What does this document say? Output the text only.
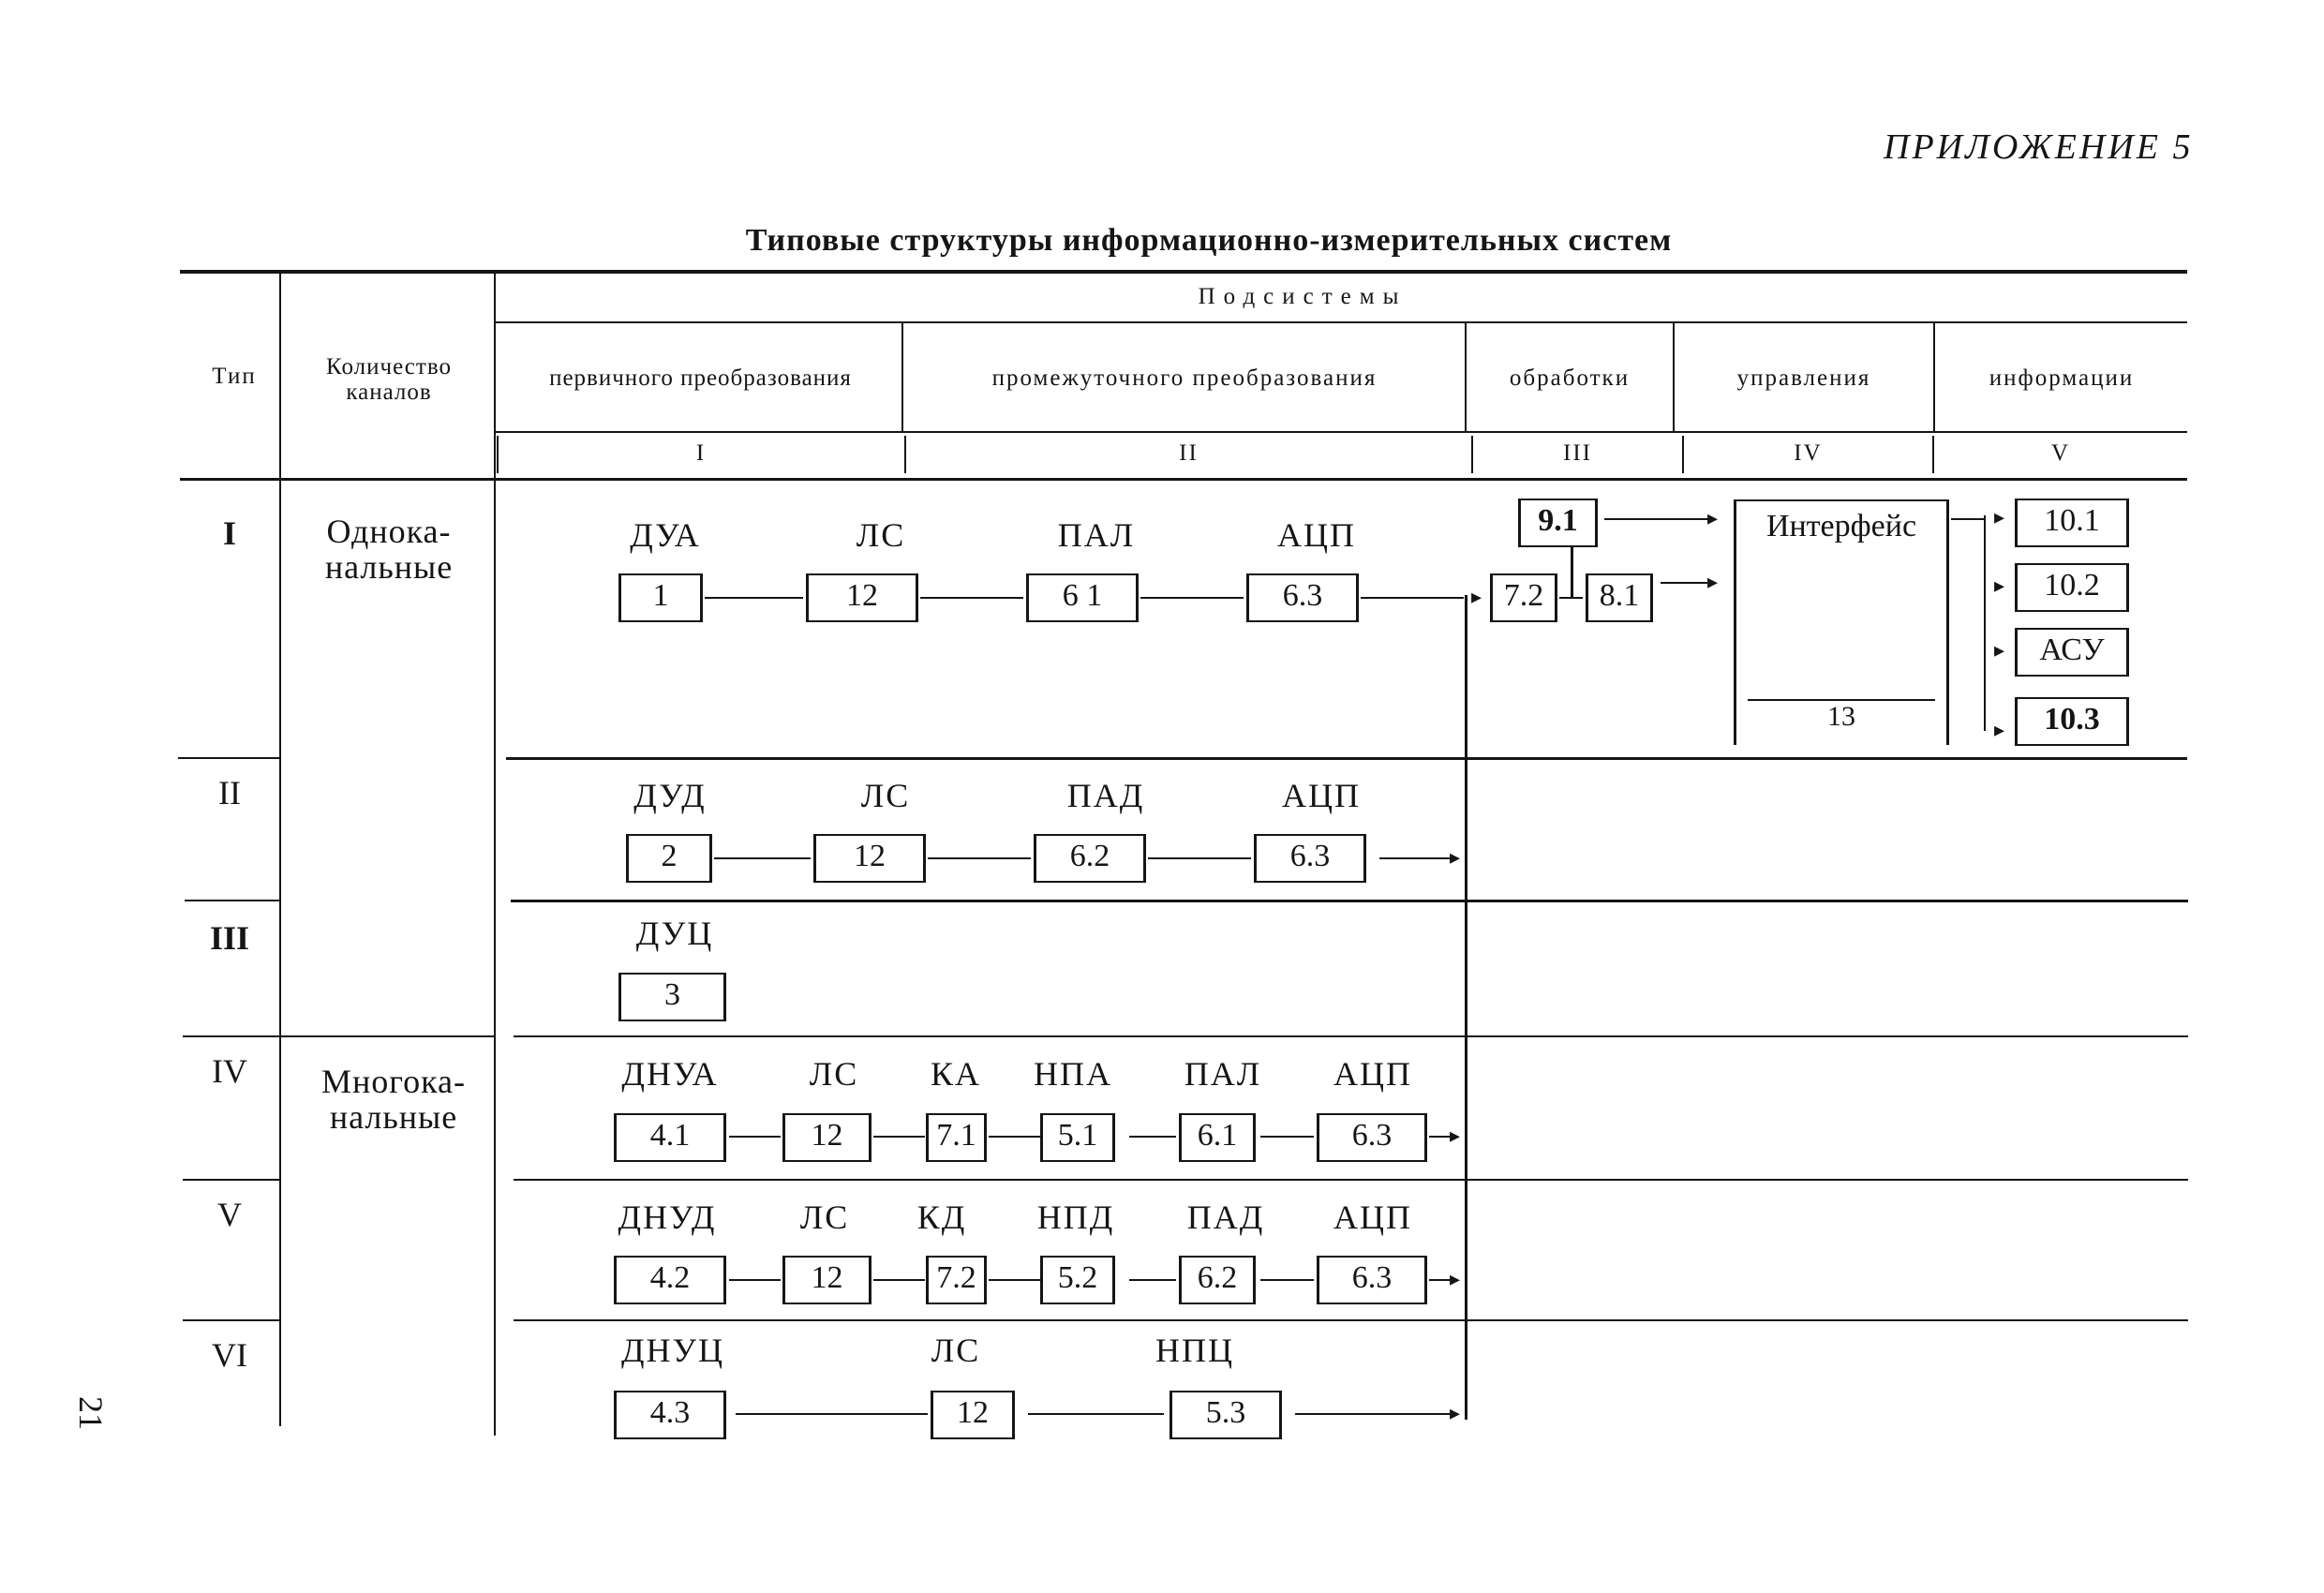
ПРИЛОЖЕНИЕ 5
Типовые структуры информационно-измерительных систем
21
Тип	Количество каналов
Подсистемы
первичного преобразования	промежуточного преобразования	обработки	управления	информации
I	II	III	IV	V
I
II
III
IV
V
VI
Однока-
нальные
Многока-
нальные
ДУА	ЛС	ПАЛ	АЦП
1	12	6 1	6.3
ДУД	ЛС	ПАД	АЦП
2	12	6.2	6.3	▸
ДУЦ
3
ДНУА	ЛС	КА	НПА	ПАЛ	АЦП
4.1	12	7.1	5.1	6.1	6.3	▸
ДНУД	ЛС	КД	НПД	ПАД	АЦП
4.2	12	7.2	5.2	6.2	6.3	▸
ДНУЦ	ЛС	НПЦ
4.3	12	5.3	▸
▸
9.1	▸
7.2	8.1	▸
Интерфейс
13
▸
▸
▸
▸
10.1
10.2
АСУ
10.3
